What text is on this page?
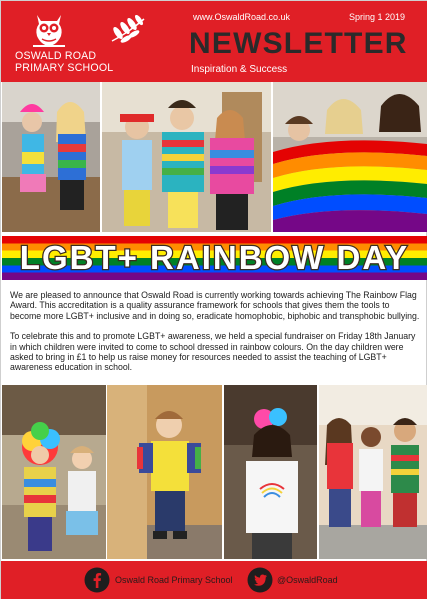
OSWALD ROAD
PRIMARY SCHOOL
www.OswaldRoad.co.uk	Spring 1 2019
NEWSLETTER
Inspiration & Success
LGBT+ RAINBOW DAY

We are pleased to announce that Oswald Road is currently working towards achieving The Rainbow Flag Award. This accreditation is a quality assurance framework for schools that gives them the tools to become more LGBT+ inclusive and in doing so, eradicate homophobic, biphobic and transphobic bullying.

To celebrate this and to promote LGBT+ awareness, we held a special fundraiser on Friday 18th January in which children were invited to come to school dressed in rainbow colours. On the day children were asked to bring in £1 to help us raise money for resources needed to assist the teaching of LGBT+ awareness education in school.

Oswald Road Primary School	@OswaldRoad
